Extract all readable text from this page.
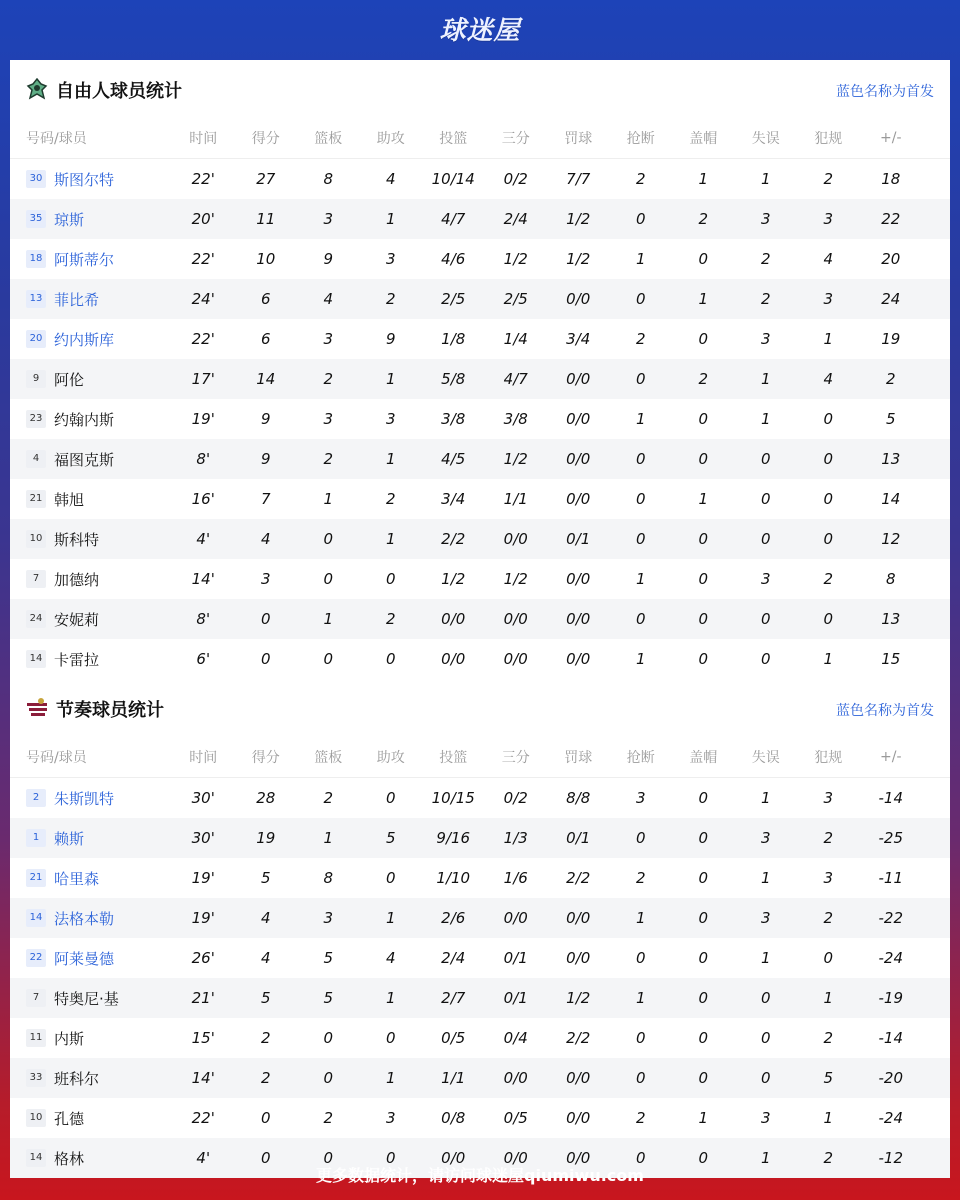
球迷屋
自由人球员统计	蓝色名称为首发
号码/球员	时间	得分	篮板	助攻	投篮	三分	罚球	抢断	盖帽	失误	犯规	+/-
30 斯图尔特	22'	27	8	4	10/14	0/2	7/7	2	1	1	2	18
35 琼斯	20'	11	3	1	4/7	2/4	1/2	0	2	3	3	22
18 阿斯蒂尔	22'	10	9	3	4/6	1/2	1/2	1	0	2	4	20
13 菲比希	24'	6	4	2	2/5	2/5	0/0	0	1	2	3	24
20 约内斯库	22'	6	3	9	1/8	1/4	3/4	2	0	3	1	19
9 阿伦	17'	14	2	1	5/8	4/7	0/0	0	2	1	4	2
23 约翰内斯	19'	9	3	3	3/8	3/8	0/0	1	0	1	0	5
4 福图克斯	8'	9	2	1	4/5	1/2	0/0	0	0	0	0	13
21 韩旭	16'	7	1	2	3/4	1/1	0/0	0	1	0	0	14
10 斯科特	4'	4	0	1	2/2	0/0	0/1	0	0	0	0	12
7 加德纳	14'	3	0	0	1/2	1/2	0/0	1	0	3	2	8
24 安妮莉	8'	0	1	2	0/0	0/0	0/0	0	0	0	0	13
14 卡雷拉	6'	0	0	0	0/0	0/0	0/0	1	0	0	1	15
节奏球员统计	蓝色名称为首发
号码/球员	时间	得分	篮板	助攻	投篮	三分	罚球	抢断	盖帽	失误	犯规	+/-
2 朱斯凯特	30'	28	2	0	10/15	0/2	8/8	3	0	1	3	-14
1 赖斯	30'	19	1	5	9/16	1/3	0/1	0	0	3	2	-25
21 哈里森	19'	5	8	0	1/10	1/6	2/2	2	0	1	3	-11
14 法格本勒	19'	4	3	1	2/6	0/0	0/0	1	0	3	2	-22
22 阿莱曼德	26'	4	5	4	2/4	0/1	0/0	0	0	1	0	-24
7 特奥尼·基	21'	5	5	1	2/7	0/1	1/2	1	0	0	1	-19
11 内斯	15'	2	0	0	0/5	0/4	2/2	0	0	0	2	-14
33 班科尔	14'	2	0	1	1/1	0/0	0/0	0	0	0	5	-20
10 孔德	22'	0	2	3	0/8	0/5	0/0	2	1	3	1	-24
14 格林	4'	0	0	0	0/0	0/0	0/0	0	0	1	2	-12
更多数据统计，请访问球迷屋qiumiwu.com
